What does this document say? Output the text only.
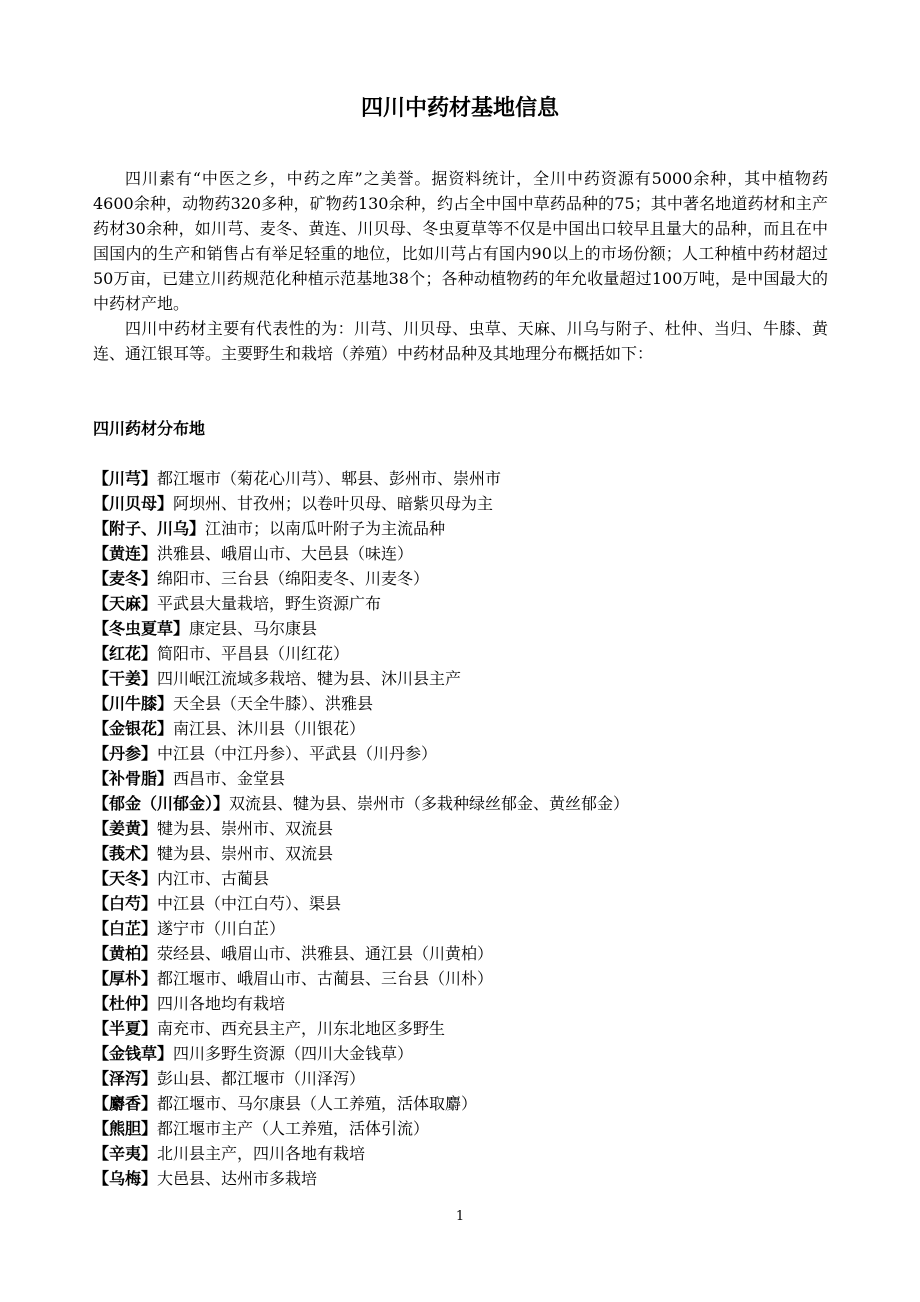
四川中药材基地信息

四川素有“中医之乡，中药之库”之美誉。据资料统计，全川中药资源有5000余种，其中植物药4600余种，动物药320多种，矿物药130余种，约占全中国中草药品种的75；其中著名地道药材和主产药材30余种，如川芎、麦冬、黄连、川贝母、冬虫夏草等不仅是中国出口较早且量大的品种，而且在中国国内的生产和销售占有举足轻重的地位，比如川芎占有国内90以上的市场份额；人工种植中药材超过50万亩，已建立川药规范化种植示范基地38个；各种动植物药的年允收量超过100万吨，是中国最大的中药材产地。

四川中药材主要有代表性的为：川芎、川贝母、虫草、天麻、川乌与附子、杜仲、当归、牛膝、黄连、通江银耳等。主要野生和栽培（养殖）中药材品种及其地理分布概括如下：

四川药材分布地
【川芎】都江堰市（菊花心川芎）、郫县、彭州市、崇州市
【川贝母】阿坝州、甘孜州；以卷叶贝母、暗紫贝母为主
【附子、川乌】江油市；以南瓜叶附子为主流品种
【黄连】洪雅县、峨眉山市、大邑县（味连）
【麦冬】绵阳市、三台县（绵阳麦冬、川麦冬）
【天麻】平武县大量栽培，野生资源广布
【冬虫夏草】康定县、马尔康县
【红花】简阳市、平昌县（川红花）
【干姜】四川岷江流域多栽培、犍为县、沐川县主产
【川牛膝】天全县（天全牛膝）、洪雅县
【金银花】南江县、沐川县（川银花）
【丹参】中江县（中江丹参）、平武县（川丹参）
【补骨脂】西昌市、金堂县
【郁金（川郁金）】双流县、犍为县、崇州市（多栽种绿丝郁金、黄丝郁金）
【姜黄】犍为县、崇州市、双流县
【莪术】犍为县、崇州市、双流县
【天冬】内江市、古蔺县
【白芍】中江县（中江白芍）、渠县
【白芷】遂宁市（川白芷）
【黄柏】荥经县、峨眉山市、洪雅县、通江县（川黄柏）
【厚朴】都江堰市、峨眉山市、古蔺县、三台县（川朴）
【杜仲】四川各地均有栽培
【半夏】南充市、西充县主产，川东北地区多野生
【金钱草】四川多野生资源（四川大金钱草）
【泽泻】彭山县、都江堰市（川泽泻）
【麝香】都江堰市、马尔康县（人工养殖，活体取麝）
【熊胆】都江堰市主产（人工养殖，活体引流）
【辛夷】北川县主产，四川各地有栽培
【乌梅】大邑县、达州市多栽培
1
